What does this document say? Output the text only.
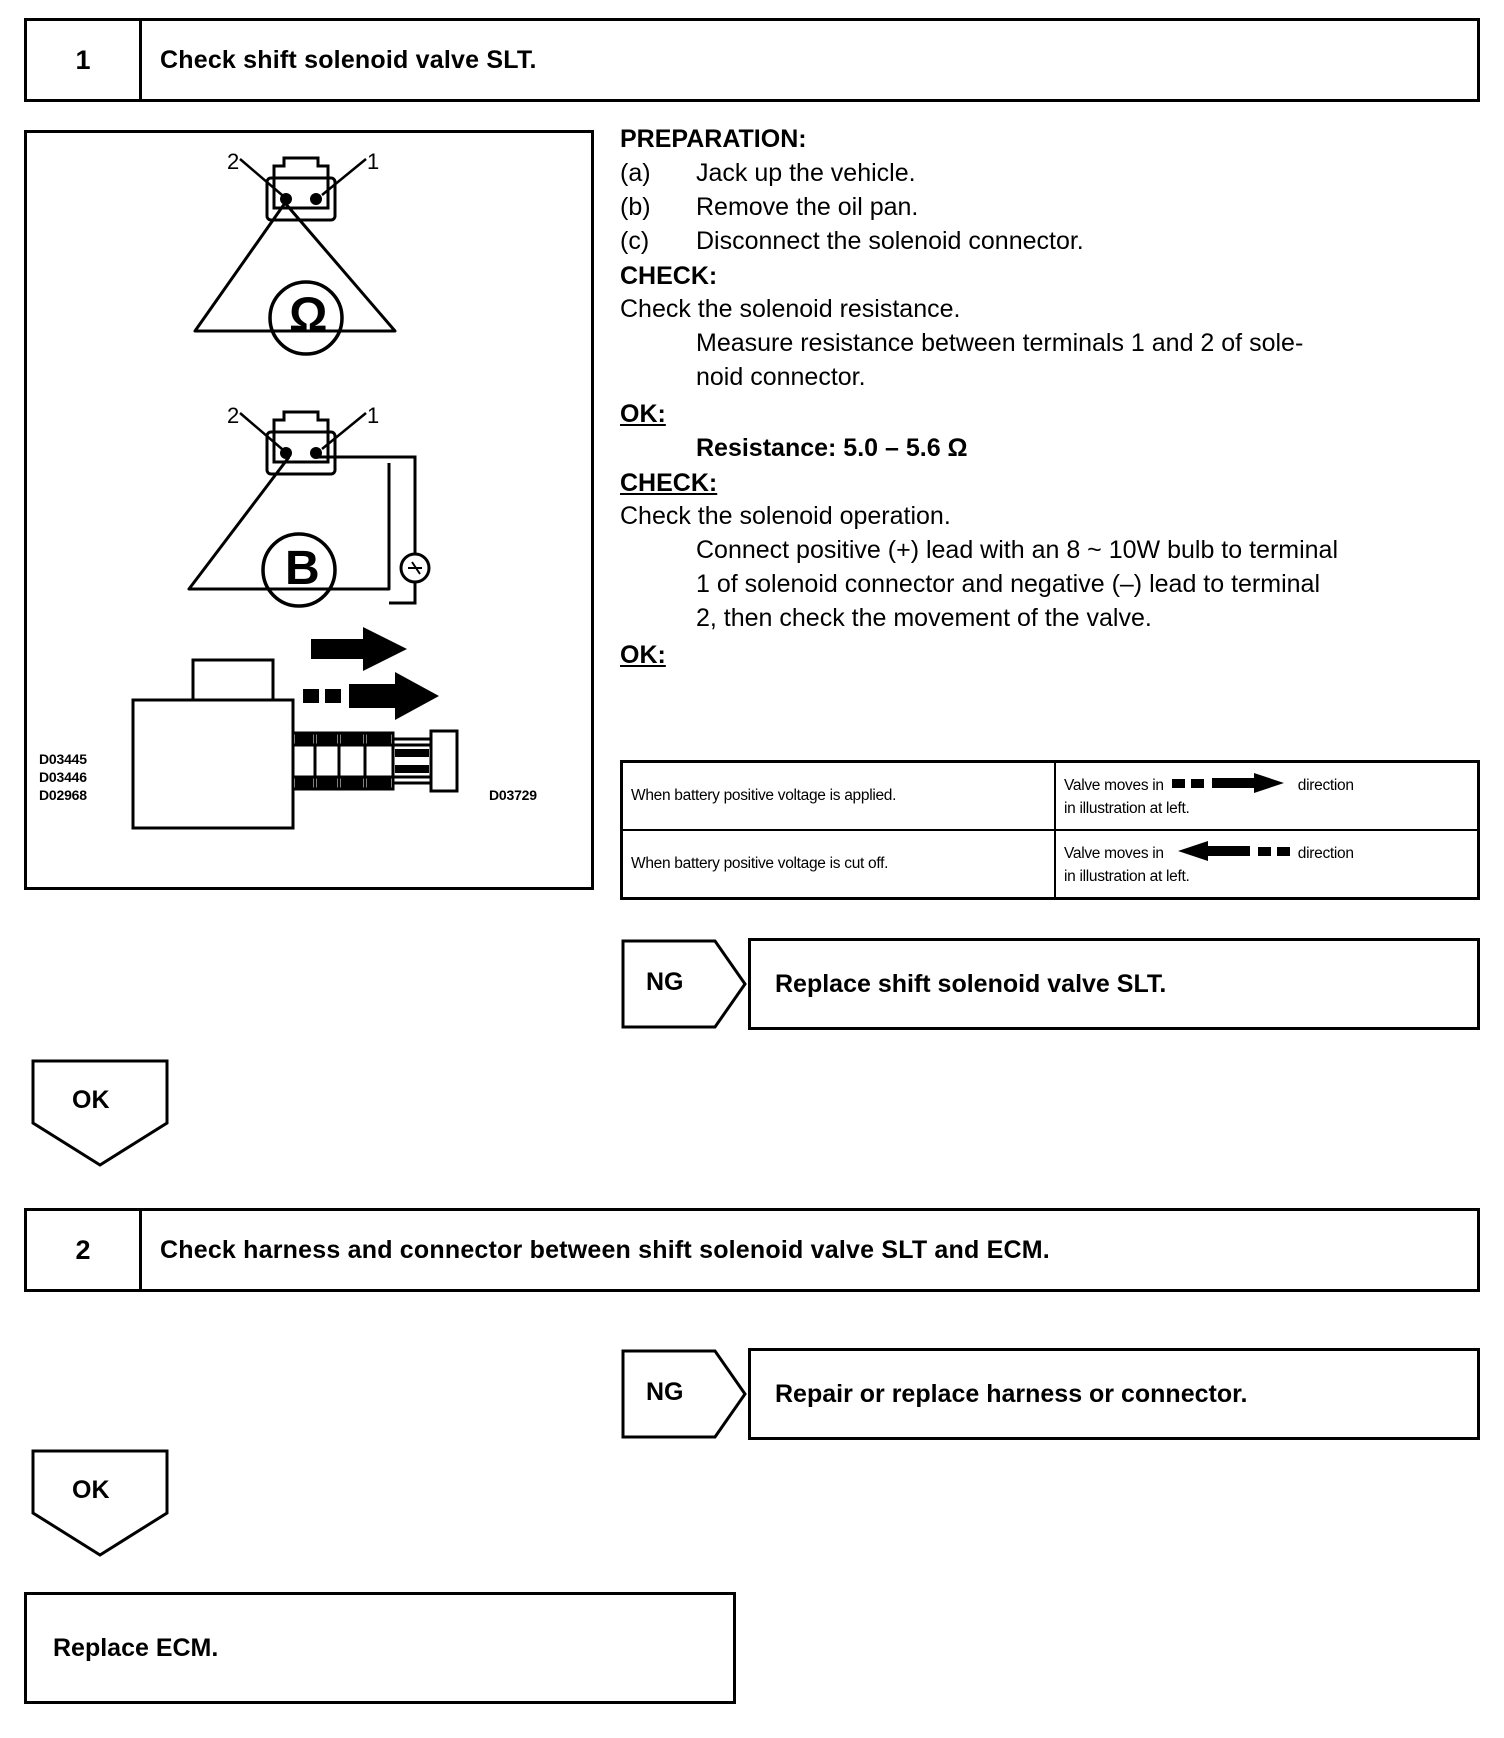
1	Check shift solenoid valve SLT.
2	1
2	1
Ω
B
D03445
D03446
D02968	D03729
PREPARATION:
(a)	Jack up the vehicle.
(b)	Remove the oil pan.
(c)	Disconnect the solenoid connector.
CHECK:
Check the solenoid resistance.
Measure resistance between terminals 1 and 2 of sole-
noid connector.
OK:
Resistance: 5.0 – 5.6 Ω
CHECK:
Check the solenoid operation.
Connect positive (+) lead with an 8 ~ 10W bulb to terminal
1 of solenoid connector and negative (–) lead to terminal
2, then check the movement of the valve.
OK:
When battery positive voltage is applied.	Valve moves in direction
in illustration at left.

When battery positive voltage is cut off.	Valve moves in direction
in illustration at left.
NG	Replace shift solenoid valve SLT.
OK
2	Check harness and connector between shift solenoid valve SLT and ECM.
NG	Repair or replace harness or connector.
OK
Replace ECM.
